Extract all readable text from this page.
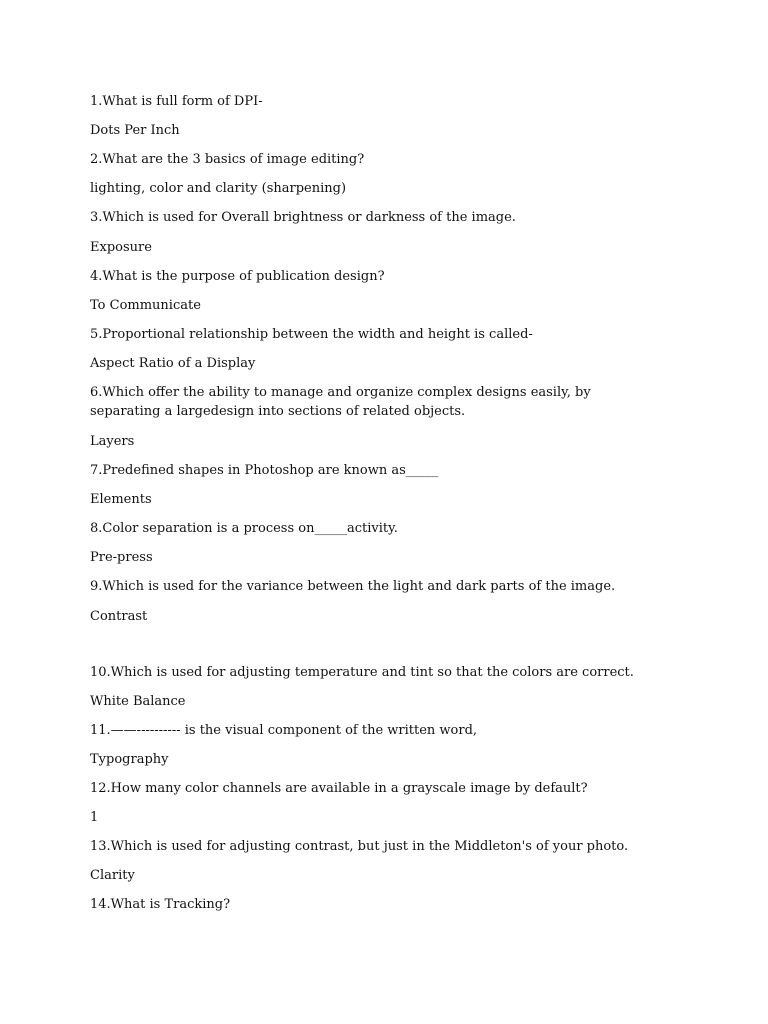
1.What is full form of DPI-
Dots Per Inch
2.What are the 3 basics of image editing?
lighting, color and clarity (sharpening)
3.Which is used for Overall brightness or darkness of the image.
Exposure
4.What is the purpose of publication design?
To Communicate
5.Proportional relationship between the width and height is called-
Aspect Ratio of a Display
6.Which offer the ability to manage and organize complex designs easily, by separating a largedesign into sections of related objects.
Layers
7.Predefined shapes in Photoshop are known as_____
Elements
8.Color separation is a process on_____activity.
Pre-press
9.Which is used for the variance between the light and dark parts of the image.
Contrast
10.Which is used for adjusting temperature and tint so that the colors are correct.
White Balance
11.——---------- is the visual component of the written word,
Typography
12.How many color channels are available in a grayscale image by default?
1
13.Which is used for adjusting contrast, but just in the Middleton's of your photo.
Clarity
14.What is Tracking?
